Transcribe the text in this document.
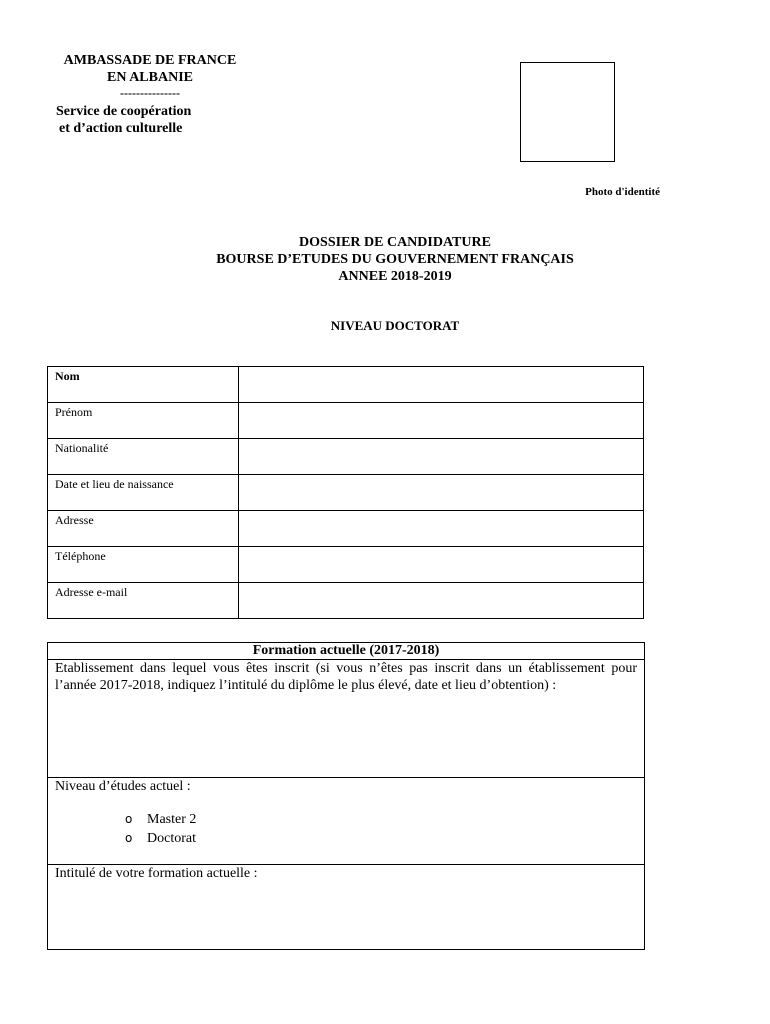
AMBASSADE DE FRANCE
EN ALBANIE
---------------
Service de coopération
et d’action culturelle
Photo d'identité
DOSSIER DE CANDIDATURE
BOURSE D’ETUDES DU GOUVERNEMENT FRANÇAIS
ANNEE 2018-2019
NIVEAU DOCTORAT
Nom	
Prénom	
Nationalité	
Date et lieu de naissance	
Adresse	
Téléphone	
Adresse e-mail	
Formation actuelle (2017-2018)
Etablissement dans lequel vous êtes inscrit (si vous n’êtes pas inscrit dans un établissement pour l’année 2017-2018, indiquez l’intitulé du diplôme le plus élevé, date et lieu d’obtention) :
Niveau d’études actuel :
o Master 2
o Doctorat
Intitulé de votre formation actuelle :
